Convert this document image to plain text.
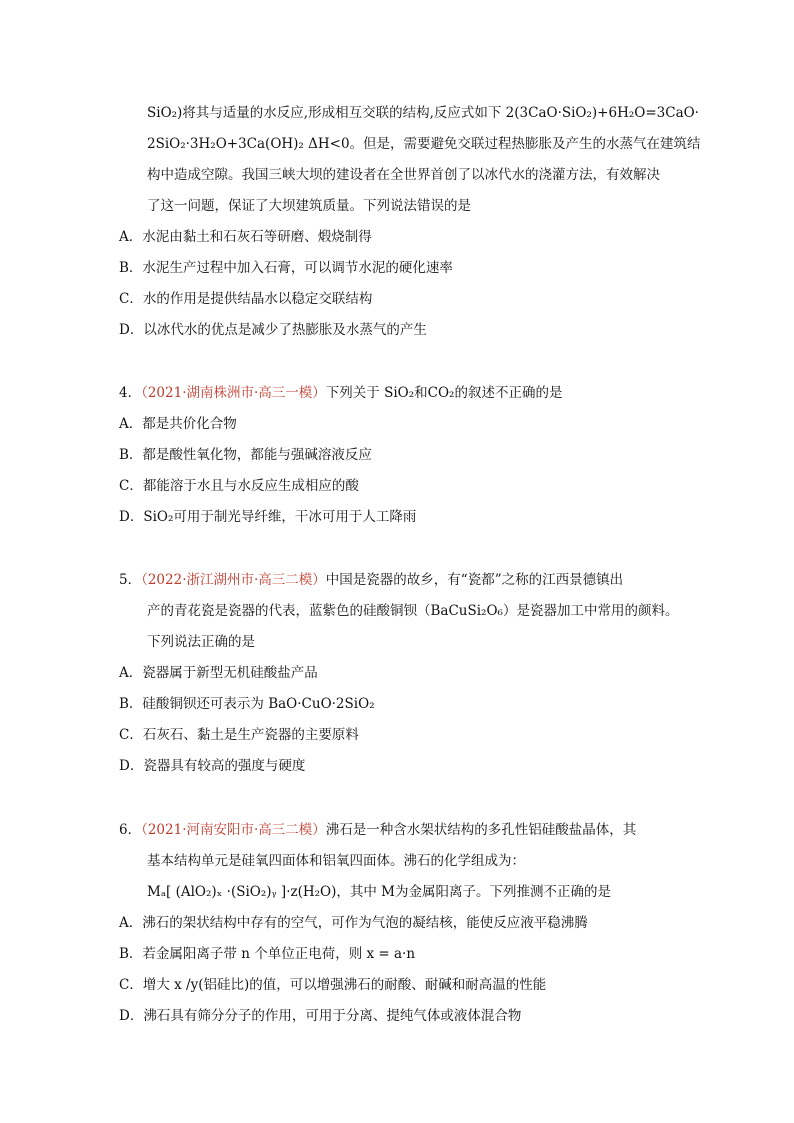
SiO₂)将其与适量的水反应,形成相互交联的结构,反应式如下 2(3CaO·SiO₂)+6H₂O=3CaO·
2SiO₂·3H₂O+3Ca(OH)₂ ΔH<0。但是，需要避免交联过程热膨胀及产生的水蒸气在建筑结
构中造成空隙。我国三峡大坝的建设者在全世界首创了以冰代水的浇灌方法，有效解决
了这一问题，保证了大坝建筑质量。下列说法错误的是
A．水泥由黏土和石灰石等研磨、煅烧制得
B．水泥生产过程中加入石膏，可以调节水泥的硬化速率
C．水的作用是提供结晶水以稳定交联结构
D．以冰代水的优点是减少了热膨胀及水蒸气的产生
4．（2021·湖南株洲市·高三一模）下列关于 SiO₂和CO₂的叙述不正确的是
A．都是共价化合物
B．都是酸性氧化物，都能与强碱溶液反应
C．都能溶于水且与水反应生成相应的酸
D．SiO₂可用于制光导纤维，干冰可用于人工降雨
5．（2022·浙江湖州市·高三二模）中国是瓷器的故乡，有“瓷都”之称的江西景德镇出
产的青花瓷是瓷器的代表，蓝紫色的硅酸铜钡（BaCuSi₂O₆）是瓷器加工中常用的颜料。
下列说法正确的是
A．瓷器属于新型无机硅酸盐产品
B．硅酸铜钡还可表示为 BaO·CuO·2SiO₂
C．石灰石、黏土是生产瓷器的主要原料
D．瓷器具有较高的强度与硬度
6．（2021·河南安阳市·高三二模）沸石是一种含水架状结构的多孔性铝硅酸盐晶体，其
基本结构单元是硅氧四面体和铝氧四面体。沸石的化学组成为：
Mₐ[ (AlO₂)ₓ ·(SiO₂)ᵧ ]·z(H₂O)，其中 M为金属阳离子。下列推测不正确的是
A．沸石的架状结构中存有的空气，可作为气泡的凝结核，能使反应液平稳沸腾
B．若金属阳离子带 n 个单位正电荷，则 x = a·n
C．增大 x /y(铝硅比)的值，可以增强沸石的耐酸、耐碱和耐高温的性能
D．沸石具有筛分分子的作用，可用于分离、提纯气体或液体混合物
